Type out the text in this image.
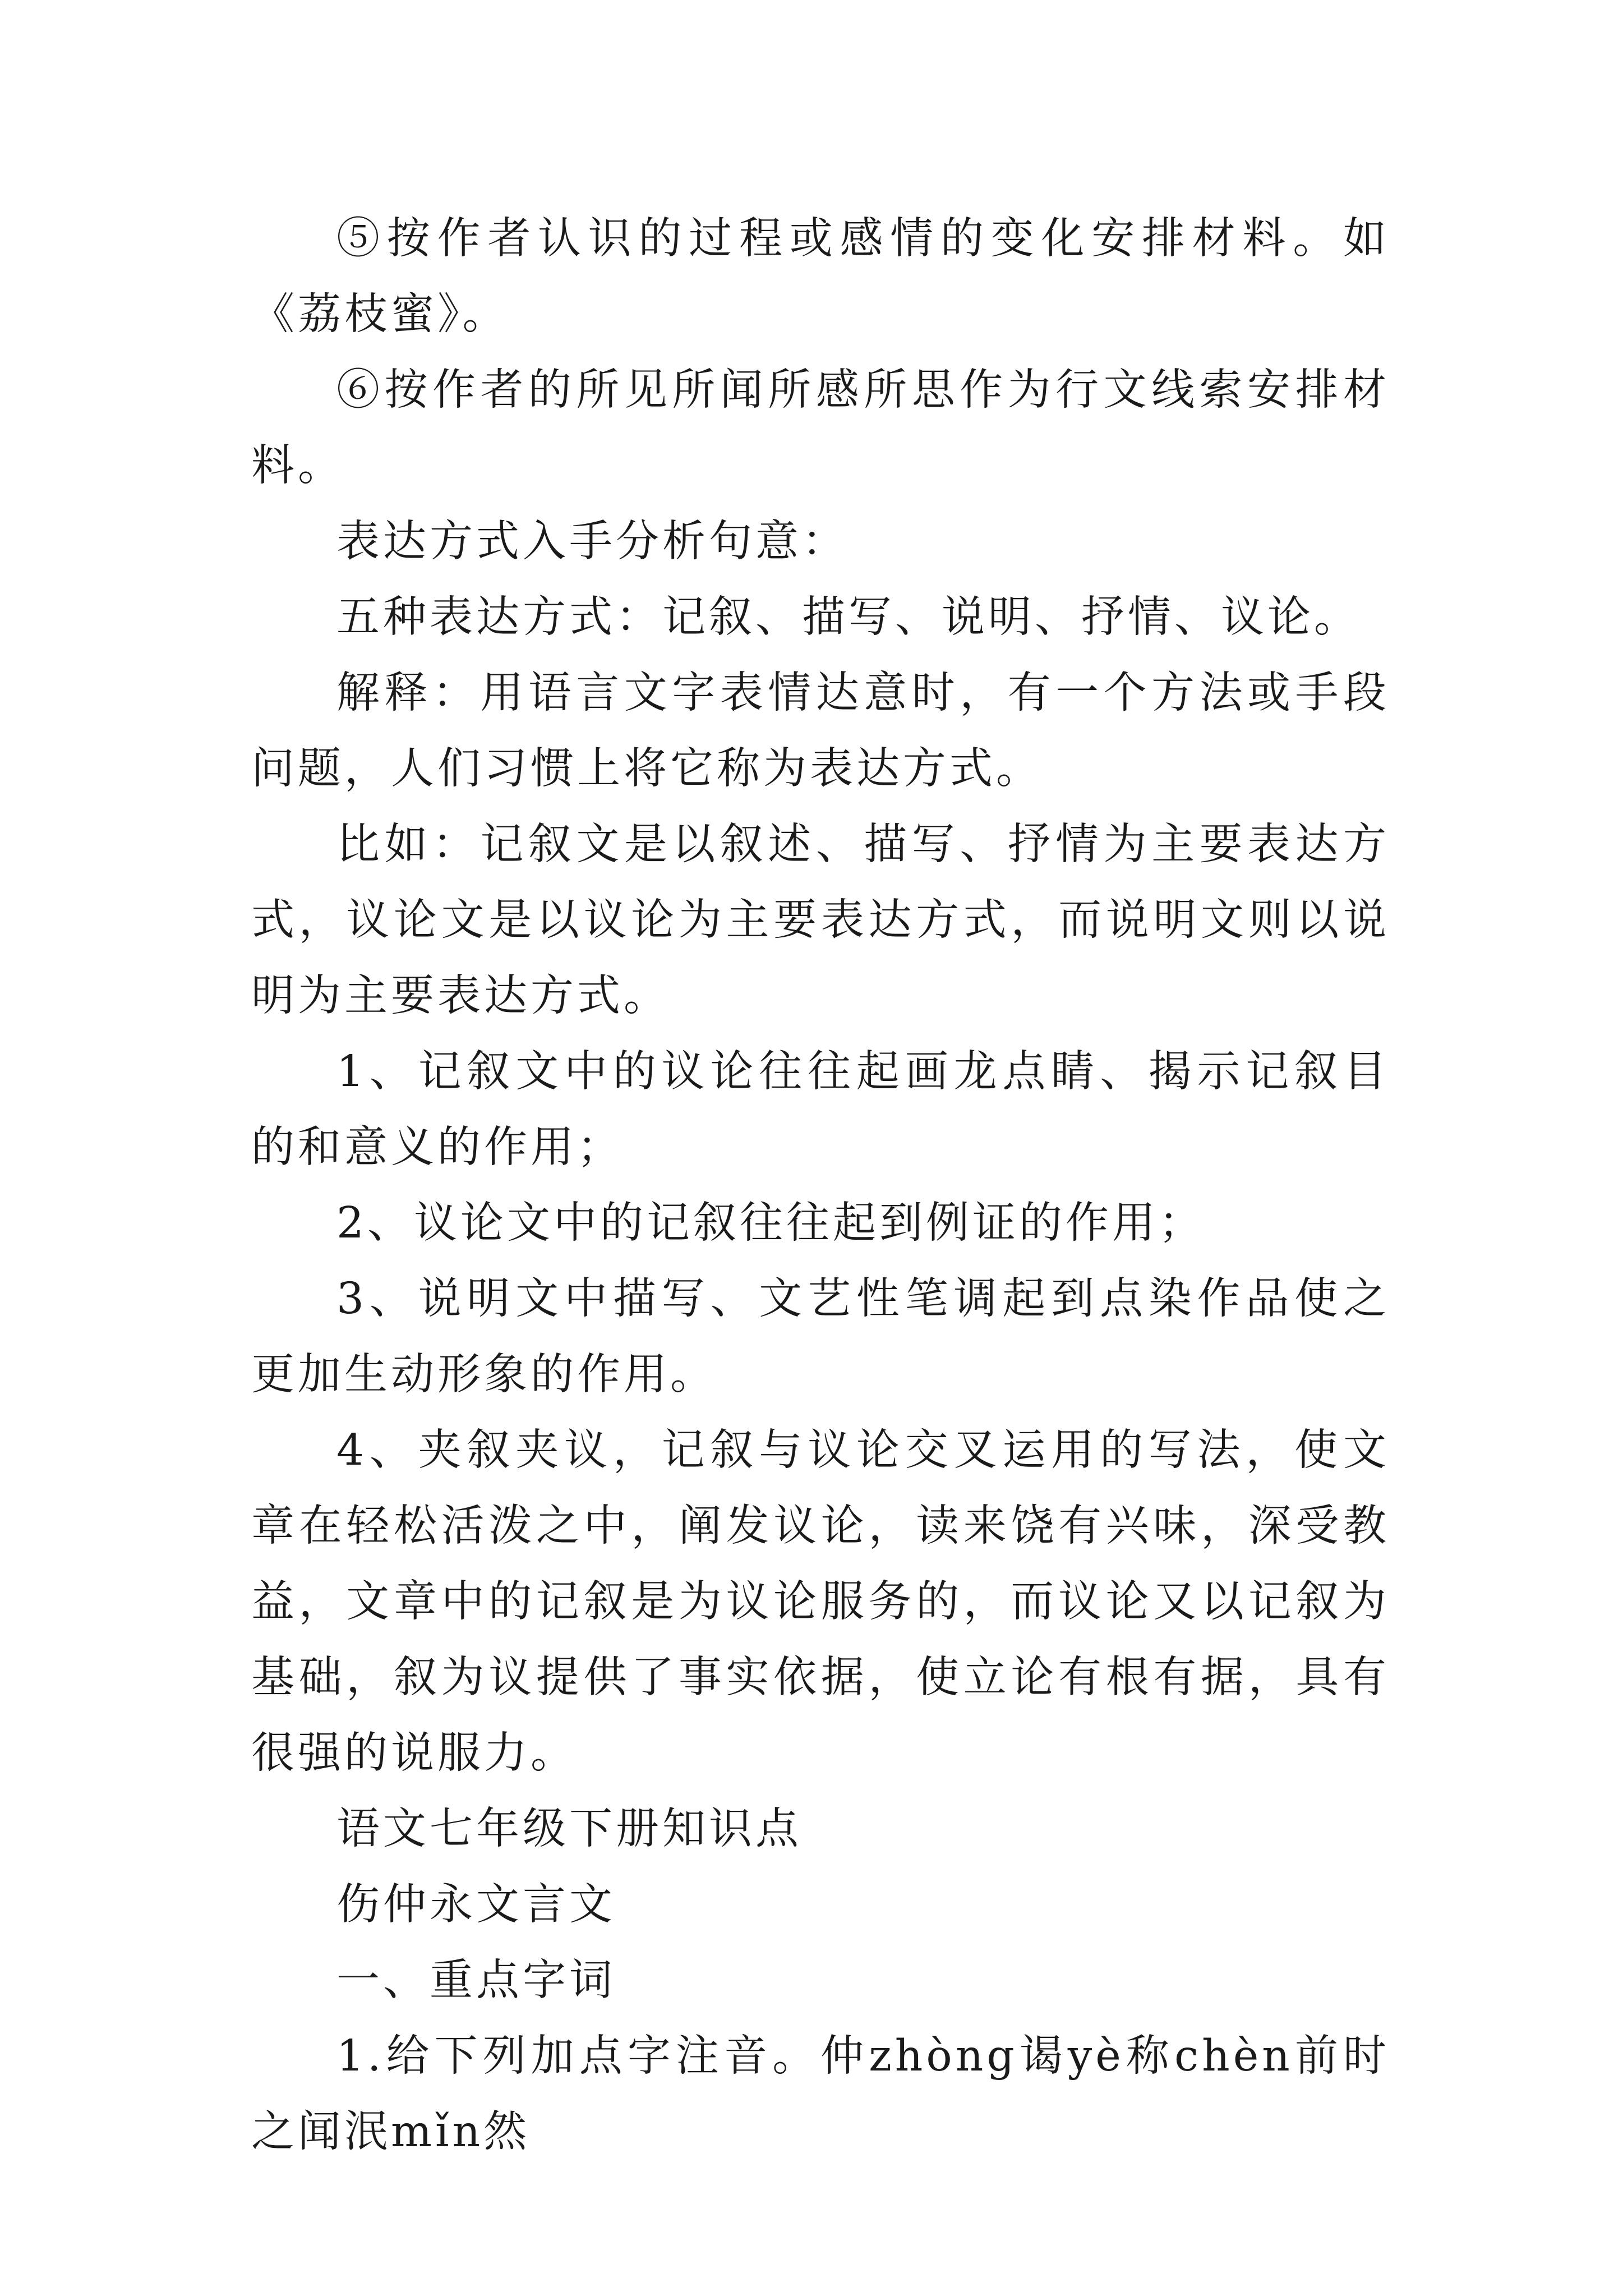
⑤按作者认识的过程或感情的变化安排材料。如《荔枝蜜》。

⑥按作者的所见所闻所感所思作为行文线索安排材料。

表达方式入手分析句意：

五种表达方式：记叙、描写、说明、抒情、议论。

解释：用语言文字表情达意时，有一个方法或手段问题，人们习惯上将它称为表达方式。

比如：记叙文是以叙述、描写、抒情为主要表达方式，议论文是以议论为主要表达方式，而说明文则以说明为主要表达方式。

1、记叙文中的议论往往起画龙点睛、揭示记叙目的和意义的作用；

2、议论文中的记叙往往起到例证的作用；

3、说明文中描写、文艺性笔调起到点染作品使之更加生动形象的作用。

4、夹叙夹议，记叙与议论交叉运用的写法，使文章在轻松活泼之中，阐发议论，读来饶有兴味，深受教益，文章中的记叙是为议论服务的，而议论又以记叙为基础，叙为议提供了事实依据，使立论有根有据，具有很强的说服力。

语文七年级下册知识点

伤仲永文言文

一、重点字词

1.给下列加点字注音。仲zhòng谒yè称chèn前时之闻泯mǐn然
